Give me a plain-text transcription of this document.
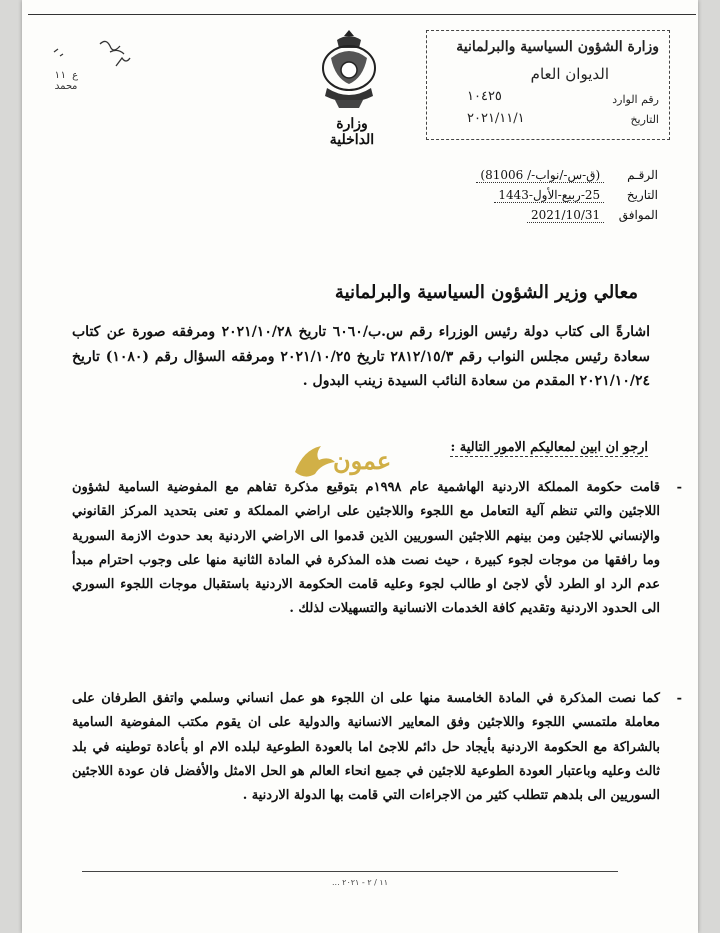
ع ١١
محمد
وزارة الداخلية
وزارة الشؤون السياسية والبرلمانية
الديوان العام
رقم الوارد
١٠٤٢٥
التاريخ
٢٠٢١/١١/١
الرقـم (ق-س-/نواب-/ 81006)
التاريخ 25-ربيع-الأول-1443
الموافق 2021/10/31
معالي وزير الشؤون السياسية والبرلمانية
اشارةً الى كتاب دولة رئيس الوزراء رقم س.ب/٦٠٦٠ تاريخ ٢٠٢١/١٠/٢٨ ومرفقه صورة عن كتاب سعادة رئيس مجلس النواب رقم ٢٨١٢/١٥/٣ تاريخ ٢٠٢١/١٠/٢٥ ومرفقه السؤال رقم (١٠٨٠) تاريخ ٢٠٢١/١٠/٢٤ المقدم من سعادة النائب السيدة زينب البدول .
ارجو ان ابين لمعاليكم الامور التالية :
عمون
-
قامت حكومة المملكة الاردنية الهاشمية عام ١٩٩٨م بتوقيع مذكرة تفاهم مع المفوضية السامية لشؤون اللاجئين والتي تنظم آلية التعامل مع اللجوء واللاجئين على اراضي المملكة و تعنى بتحديد المركز القانوني والإنساني للاجئين ومن بينهم اللاجئين السوريين الذين قدموا الى الاراضي الاردنية بعد حدوث الازمة السورية وما رافقها من موجات لجوء كبيرة ، حيث نصت هذه المذكرة في المادة الثانية منها على وجوب احترام مبدأ عدم الرد او الطرد لأي لاجئ او طالب لجوء وعليه قامت الحكومة الاردنية باستقبال موجات اللجوء السوري الى الحدود الاردنية وتقديم كافة الخدمات الانسانية والتسهيلات لذلك .
-
كما نصت المذكرة في المادة الخامسة منها على ان اللجوء هو عمل انساني وسلمي واتفق الطرفان على معاملة ملتمسي اللجوء واللاجئين وفق المعايير الانسانية والدولية على ان يقوم مكتب المفوضية السامية بالشراكة مع الحكومة الاردنية بأيجاد حل دائم للاجئ اما بالعودة الطوعية لبلده الام او بأعادة توطينه في بلد ثالث وعليه وباعتبار العودة الطوعية للاجئين في جميع انحاء العالم هو الحل الامثل والأفضل فان عودة اللاجئين السوريين الى بلدهم تتطلب كثير من الاجراءات التي قامت بها الدولة الاردنية .
١١ / ٢ - ٢٠٢١ ...
